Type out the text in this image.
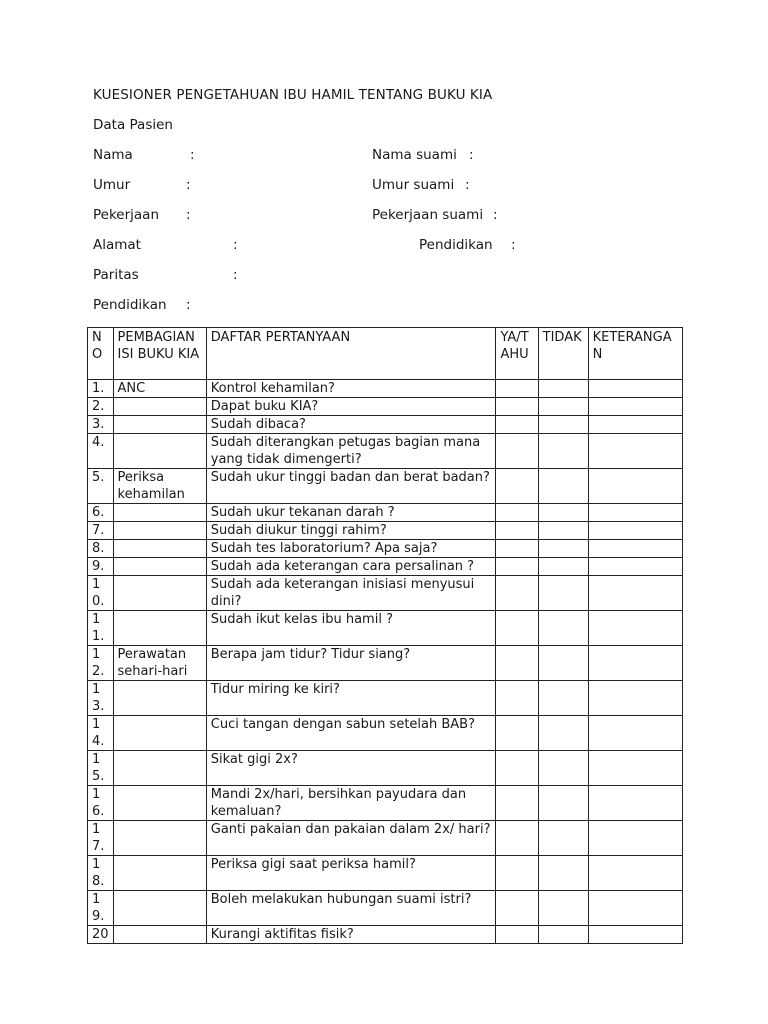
KUESIONER PENGETAHUAN IBU HAMIL TENTANG BUKU KIA
Data Pasien
Nama	:
Umur	:
Pekerjaan :
Alamat	:
Paritas	:
Pendidikan :
Nama suami :
Umur suami :
Pekerjaan suami :
Pendidikan :
NO	PEMBAGIAN ISI BUKU KIA	DAFTAR PERTANYAAN	YA/TAHU	TIDAK	KETERANGAN
1.	ANC	Kontrol kehamilan?			
2.		Dapat buku KIA?			
3.		Sudah dibaca?			
4.		Sudah diterangkan petugas bagian mana yang tidak dimengerti?			
5.	Periksa kehamilan	Sudah ukur tinggi badan dan berat badan?			
6.		Sudah ukur tekanan darah ?			
7.		Sudah diukur tinggi rahim?			
8.		Sudah tes laboratorium? Apa saja?			
9.		Sudah ada keterangan cara persalinan ?			
10.		Sudah ada keterangan inisiasi menyusui dini?			
11.		Sudah ikut kelas ibu hamil ?			
12.	Perawatan sehari-hari	Berapa jam tidur? Tidur siang?			
13.		Tidur miring ke kiri?			
14.		Cuci tangan dengan sabun setelah BAB?			
15.		Sikat gigi 2x?			
16.		Mandi 2x/hari, bersihkan payudara dan kemaluan?			
17.		Ganti pakaian dan pakaian dalam 2x/ hari?			
18.		Periksa gigi saat periksa hamil?			
19.		Boleh melakukan hubungan suami istri?			
20		Kurangi aktifitas fisik?			
